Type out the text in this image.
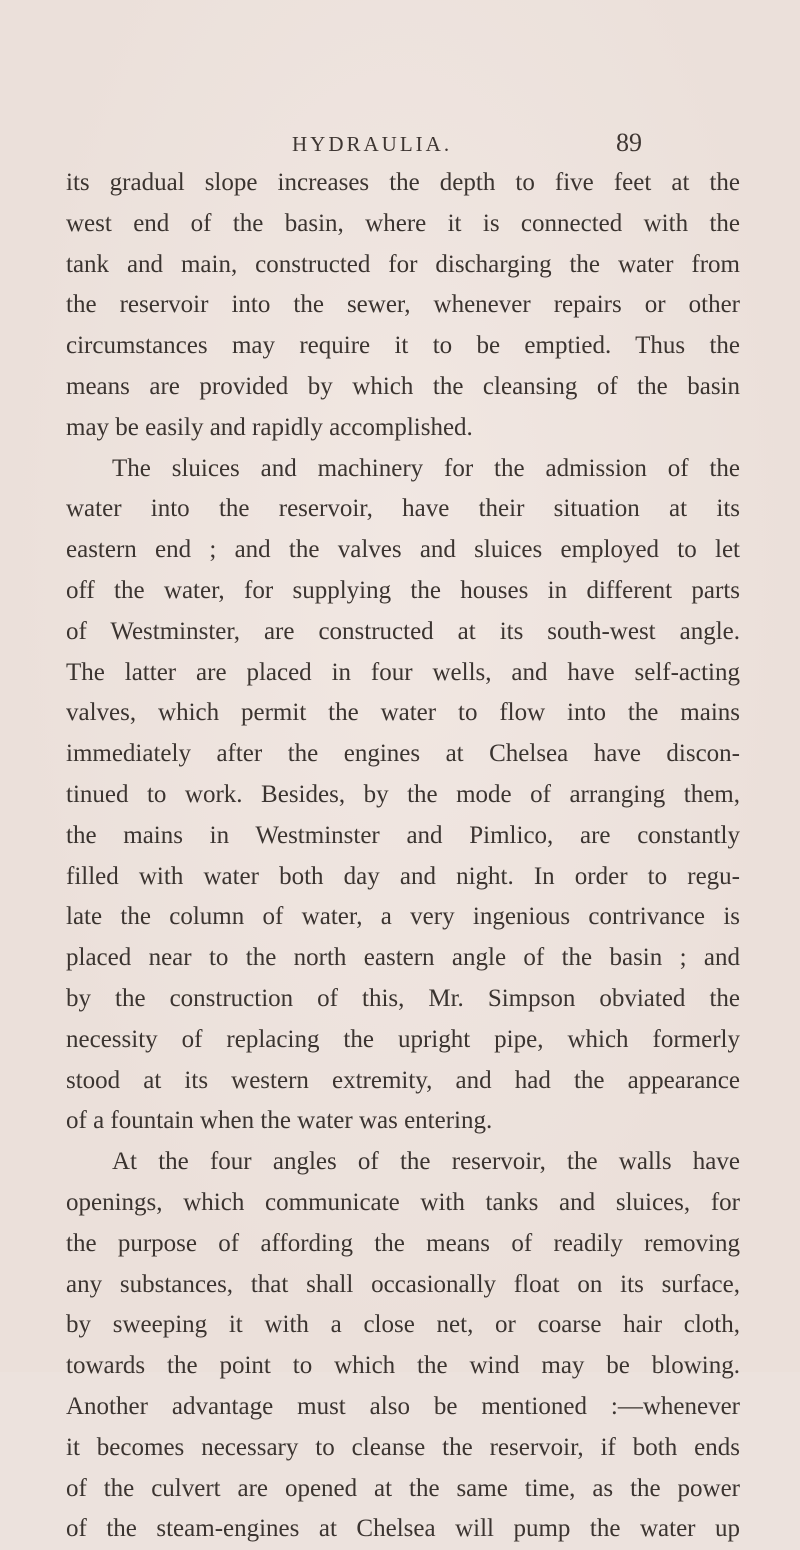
HYDRAULIA.	89
its gradual slope increases the depth to five feet at the
west end of the basin, where it is connected with the
tank and main, constructed for discharging the water from
the reservoir into the sewer, whenever repairs or other
circumstances may require it to be emptied. Thus the
means are provided by which the cleansing of the basin
may be easily and rapidly accomplished.
The sluices and machinery for the admission of the
water into the reservoir, have their situation at its
eastern end ; and the valves and sluices employed to let
off the water, for supplying the houses in different parts
of Westminster, are constructed at its south-west angle.
The latter are placed in four wells, and have self-acting
valves, which permit the water to flow into the mains
immediately after the engines at Chelsea have discon-
tinued to work. Besides, by the mode of arranging them,
the mains in Westminster and Pimlico, are constantly
filled with water both day and night. In order to regu-
late the column of water, a very ingenious contrivance is
placed near to the north eastern angle of the basin ; and
by the construction of this, Mr. Simpson obviated the
necessity of replacing the upright pipe, which formerly
stood at its western extremity, and had the appearance
of a fountain when the water was entering.
At the four angles of the reservoir, the walls have
openings, which communicate with tanks and sluices, for
the purpose of affording the means of readily removing
any substances, that shall occasionally float on its surface,
by sweeping it with a close net, or coarse hair cloth,
towards the point to which the wind may be blowing.
Another advantage must also be mentioned :—whenever
it becomes necessary to cleanse the reservoir, if both ends
of the culvert are opened at the same time, as the power
of the steam-engines at Chelsea will pump the water up
